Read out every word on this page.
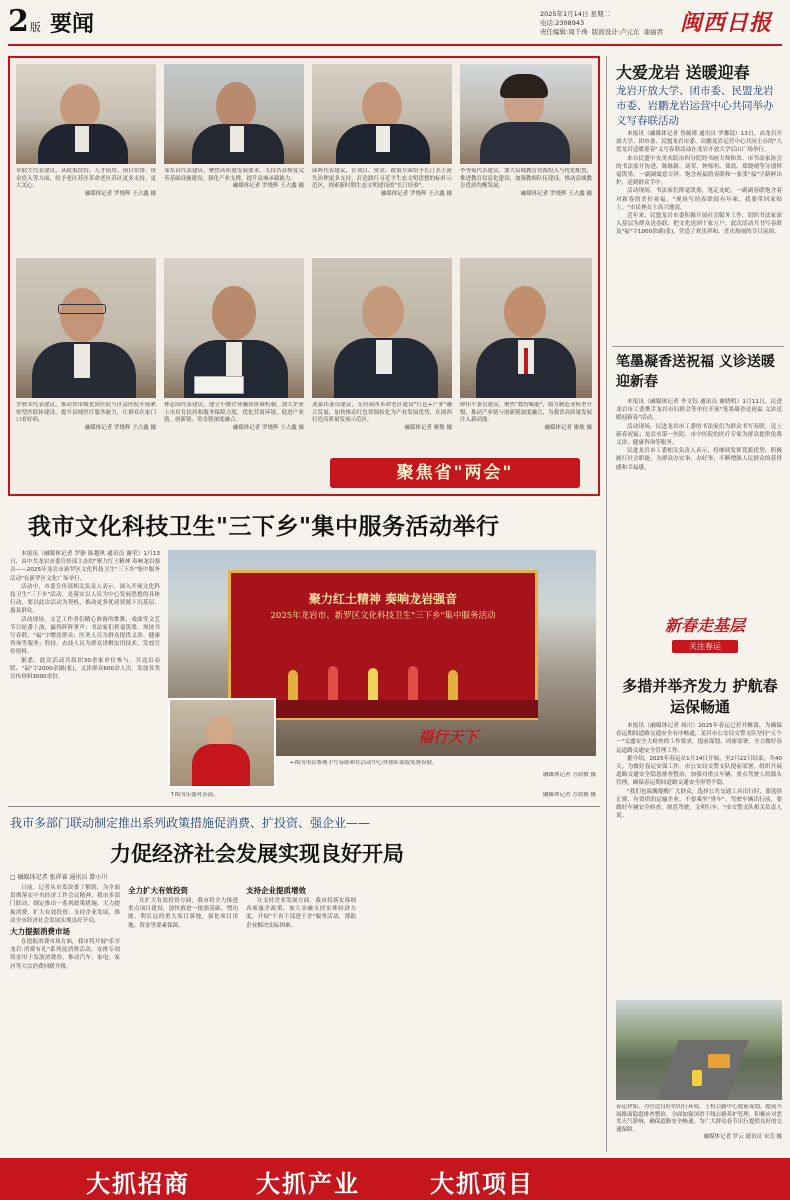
2版 要闻	2025年1月14日 星期二
电话:2308943
责任编辑:周千珠 版面设计:卢元东 谢丽君 闽西日报
章联生代表建议，从政策扶持、人才使用、项目安排、资金投入等方面，给予老区苏区革命老区苏区更多支持、更大关心。
融媒体记者 罗烧辉 王占鑫 摄
邹东昌代表建议，聚焦高质量发展要求，支持各县恢复完善基础设施建设，强化产业支撑，提升县城承载能力。
融媒体记者 罗烧辉 王占鑫 摄
邱晖代表建议，在项目、资金、政策方面给予长汀水土流失治理更多支持，打造践行习近平生态文明思想的标杆示范区，探索新时期生态文明建设的"长汀经验"。
融媒体记者 罗烧辉 王占鑫 摄
李秀菊代表建议，加大县域教育资源投入与优化配置，推进教育信息化建设，加强教师队伍建设，推动县域教育优质均衡发展。
融媒体记者 罗烧辉 王占鑫 摄
罗秋荣代表建议，推动省市级优质医院与区县医院开展紧密型医联体建设，提升县域医疗服务能力，让群众在家门口看好病。
融媒体记者 罗烧辉 王占鑫 摄
林志国代表建议，建立小微企业融资协调机制，加大企业上市培育扶持和服务保障力度，优化营商环境，促进产业链、创新链、资金链深度融合。
融媒体记者 罗烧辉 王占鑫 摄
刘嘉伟委员建议，支持闽西革命老区建设"红色+产业"融合发展，加快推动红色资源转化为产业发展优势，在闽西打造高质量发展示范区。
融媒体记者 姬敏 摄
廖伟平委员建议，聚焦"数智赋能"，助力制造业转型升级，推动产业链与创新链深度融合，为我省高质量发展注入新动能。
融媒体记者 姬敏 摄
聚焦省"两会"
大爱龙岩 送暖迎春
龙岩开放大学、团市委、民盟龙岩市委、岩鹏龙岩运营中心共同举办义写春联活动

本报讯（融媒体记者 曾薇瑾 通讯员 罗馨镜）13日，由龙岩开放大学、团市委、民盟龙岩市委、岩鹏龙岩运营中心共同主办的"大爱龙岩送暖迎春"义写春联活动在龙岩开放大学后山广场举行。

来自民盟中央美术院市四分院的书画大师和省、市书法家协会的书法家开协进、陈继新、刘荣、钟炼明、郑晨、郑晓晴等分别挥毫泼墨，一副副寓意吉祥、饱含祝福的春联和一张张"福"字新鲜出炉，送到群众手中。

活动现场，书法家们挥毫泼墨，笔走龙蛇，一副副春联饱含着对新春的美好祝福。"现场写的春联很有年味，我要带回家贴上。"市民林女士高兴地说。

近年来，民盟龙岩市委积极开展社会服务工作，组织书法家深入基层为群众送春联，把文化送到千家万户。此次活动共书写春联及"福"字1000余副(张)，营造了欢乐祥和、喜庆热闹的节日氛围。

笔墨凝香送祝福 义诊送暖迎新春

本报讯（融媒体记者 李文钰 通讯员 谢晓明）1月11日，民进龙岩市工委携手龙岩市妇联会等单位开展"笔墨凝香送祝福 义诊送暖迎新春"活动。

活动现场，民进龙岩市工委的书法家们为群众书写春联，送上新春祝福；龙岩市第一医院、市中医院的医疗专家为群众提供免费义诊、健康咨询等服务。

民进龙岩市工委相关负责人表示，将继续发挥党派优势，积极履行社会职能，为群众办实事、办好事，不断增强人民群众的获得感和幸福感。

新春走基层
关注春运
多措并举齐发力 护航春运保畅通

本报讯（融媒体记者 周川）2025年春运已拉开帷幕，为确保春运期间道路交通安全有序畅通，龙岩市公安局交警支队坚持"五个一"交通安全大检查的工作要求，提前谋划、周密部署，全力做好春运道路交通安全管理工作。

据介绍，2025年春运从1月14日开始，至2月22日结束，共40天。为做好春运安保工作，市公安局交警支队提前部署，组织开展道路交通安全隐患排查整治，加强对重点车辆、重点驾驶人的源头管理，确保春运期间道路交通安全形势平稳。

"我们也温馨提醒广大群众，选择公共交通工具出行时，要选择正规、有资质的运输企业，不要乘坐"黑车"。驾驶车辆出行前，要做好车辆安全检查，规范驾驶，文明行车。"市交警支队相关负责人说。

春运伊始，为营造良好的出行环境，上杭公路中心提前谋划，提前开展路面隐患排查整治，全面加强国省干线公路养护管理，积极应对恶劣天气影响，确保道路安全畅通，为广大群众春节出行提供良好的交通保障。
融媒体记者 罗云 通讯员 宋芳 摄
我市文化科技卫生"三下乡"集中服务活动举行

本报讯（融媒体记者 罗静 陈越琪 通讯员 谢荣）1月13日，由中共龙岩市委宣传部主办的"聚力红土精神 奏响龙岩强音——2025年龙岩市新罗区文化科技卫生"三下乡"集中服务活动"在新罗区文化广场举行。

活动中，市委宣传部相关负责人表示，深入开展文化科技卫生"三下乡"活动，是落实以人民为中心发展思想的具体行动，要以此次活动为契机，推动更多优质资源下沉基层、惠及群众。

活动现场，文艺工作者们精心准备的歌舞、戏曲等文艺节目轮番上演，赢得阵阵掌声；书法家们挥毫泼墨，现场书写春联、"福"字赠送群众；医务人员为群众提供义诊、健康咨询等服务；科技、农技人员为群众讲解实用技术，发放宣传资料。

据悉，此次活动共组织30余家单位参与，共送出春联、"福"字2000余副(张)，义诊群众600余人次，发放各类宣传资料3000余份。

聚力红土精神 奏响龙岩强音
2025年龙岩市、新罗区文化科技卫生"三下乡"集中服务活动
福行天下
↑图为乐器对表演。
←图为市民参观手写春联和在活动中心外排队领取免费春联。
融媒体记者 方晨敏 摄
融媒体记者 方晨敏 摄
我市多部门联动制定推出系列政策措施促消费、扩投资、强企业——
力促经济社会发展实现良好开局
□ 融媒体记者 张祥睿 通讯员 曾小川

日前，记者从市发改委了解到，为全面贯彻落实中央经济工作会议精神，我市多部门联动，制定推出一系列政策措施，大力提振消费、扩大有效投资、支持企业发展，推动全市经济社会发展实现良好开局。

大力提振消费市场

在提振消费市场方面，我市将开展"乐享龙岩·消费有礼"系列促消费活动，安排专项资金用于发放消费券，推动汽车、家电、家居等大宗消费回暖升级。

全力扩大有效投资

在扩大有效投资方面，我市将全力推进重点项目建设，加快推进一批强基础、增功能、利长远的重大项目落地，强化项目用地、资金等要素保障。

支持企业提质增效

在支持企业发展方面，我市将落实落细各项惠企政策，加大金融支持实体经济力度，开展"千名干部进千企"服务活动，帮助企业解决实际困难。

大抓招商	大抓产业	大抓项目
